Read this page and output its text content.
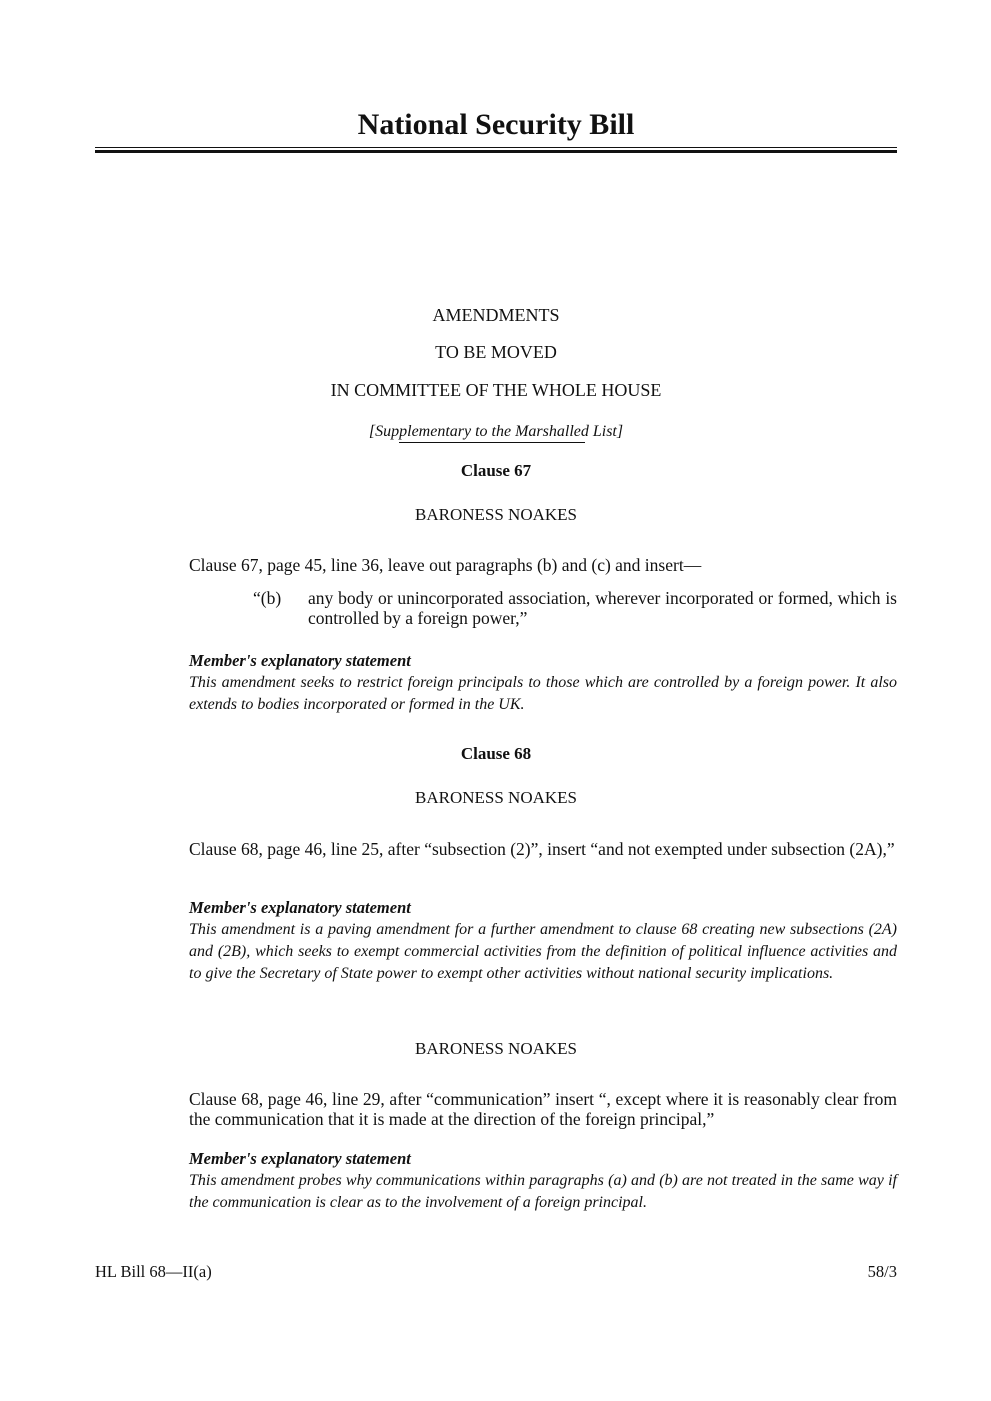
National Security Bill
AMENDMENTS
TO BE MOVED
IN COMMITTEE OF THE WHOLE HOUSE
[Supplementary to the Marshalled List]
Clause 67
BARONESS NOAKES
Clause 67, page 45, line 36, leave out paragraphs (b) and (c) and insert—
“(b)	any body or unincorporated association, wherever incorporated or formed, which is controlled by a foreign power,”
Member's explanatory statement
This amendment seeks to restrict foreign principals to those which are controlled by a foreign power. It also extends to bodies incorporated or formed in the UK.
Clause 68
BARONESS NOAKES
Clause 68, page 46, line 25, after “subsection (2)”, insert “and not exempted under subsection (2A),”
Member's explanatory statement
This amendment is a paving amendment for a further amendment to clause 68 creating new subsections (2A) and (2B), which seeks to exempt commercial activities from the definition of political influence activities and to give the Secretary of State power to exempt other activities without national security implications.
BARONESS NOAKES
Clause 68, page 46, line 29, after “communication” insert “, except where it is reasonably clear from the communication that it is made at the direction of the foreign principal,”
Member's explanatory statement
This amendment probes why communications within paragraphs (a) and (b) are not treated in the same way if the communication is clear as to the involvement of a foreign principal.
HL Bill 68—II(a)	58/3
